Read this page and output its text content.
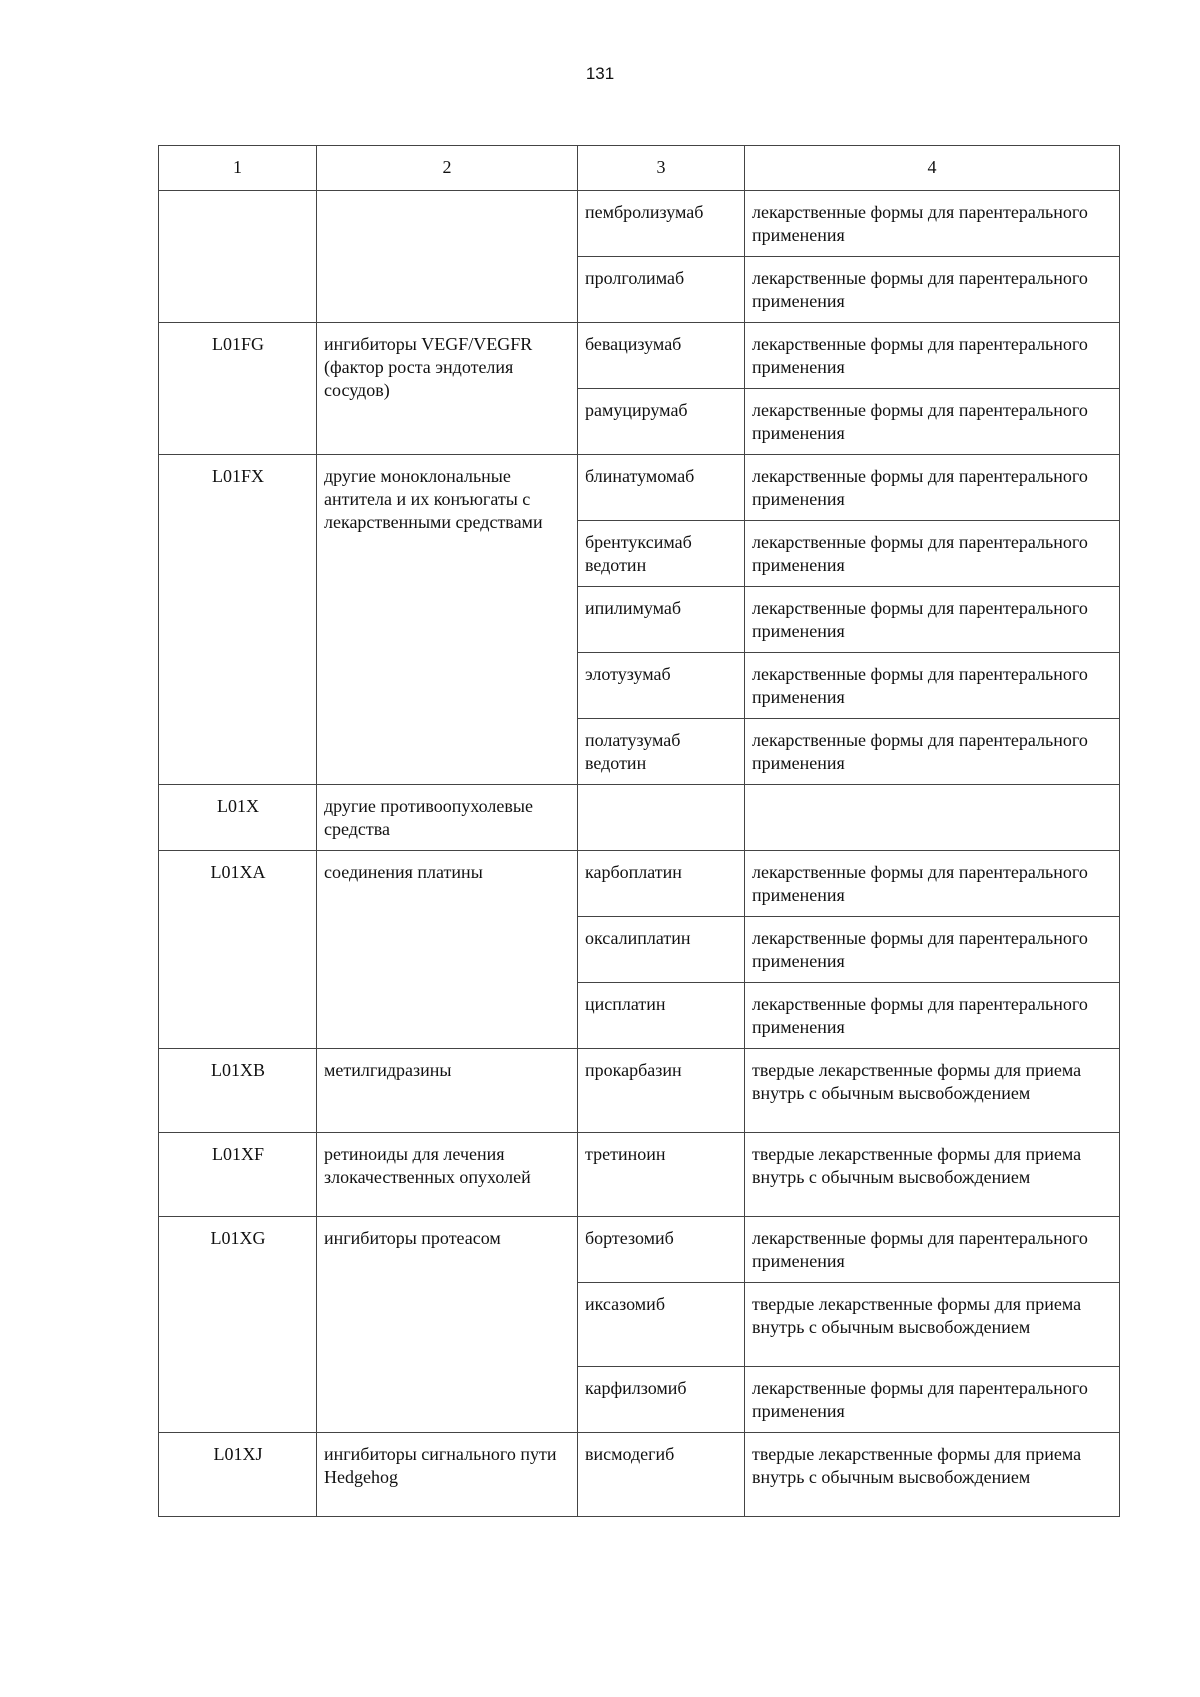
131
1	2	3	4
		пембролизумаб	лекарственные формы для парентерального применения
		пролголимаб	лекарственные формы для парентерального применения
L01FG	ингибиторы VEGF/VEGFR (фактор роста эндотелия сосудов)	бевацизумаб	лекарственные формы для парентерального применения
		рамуцирумаб	лекарственные формы для парентерального применения
L01FX	другие моноклональные антитела и их конъюгаты с лекарственными средствами	блинатумомаб	лекарственные формы для парентерального применения
		брентуксимаб ведотин	лекарственные формы для парентерального применения
		ипилимумаб	лекарственные формы для парентерального применения
		элотузумаб	лекарственные формы для парентерального применения
		полатузумаб ведотин	лекарственные формы для парентерального применения
L01X	другие противоопухолевые средства		
L01XA	соединения платины	карбоплатин	лекарственные формы для парентерального применения
		оксалиплатин	лекарственные формы для парентерального применения
		цисплатин	лекарственные формы для парентерального применения
L01XB	метилгидразины	прокарбазин	твердые лекарственные формы для приема внутрь с обычным высвобождением
L01XF	ретиноиды для лечения злокачественных опухолей	третиноин	твердые лекарственные формы для приема внутрь с обычным высвобождением
L01XG	ингибиторы протеасом	бортезомиб	лекарственные формы для парентерального применения
		иксазомиб	твердые лекарственные формы для приема внутрь с обычным высвобождением
		карфилзомиб	лекарственные формы для парентерального применения
L01XJ	ингибиторы сигнального пути Hedgehog	висмодегиб	твердые лекарственные формы для приема внутрь с обычным высвобождением
